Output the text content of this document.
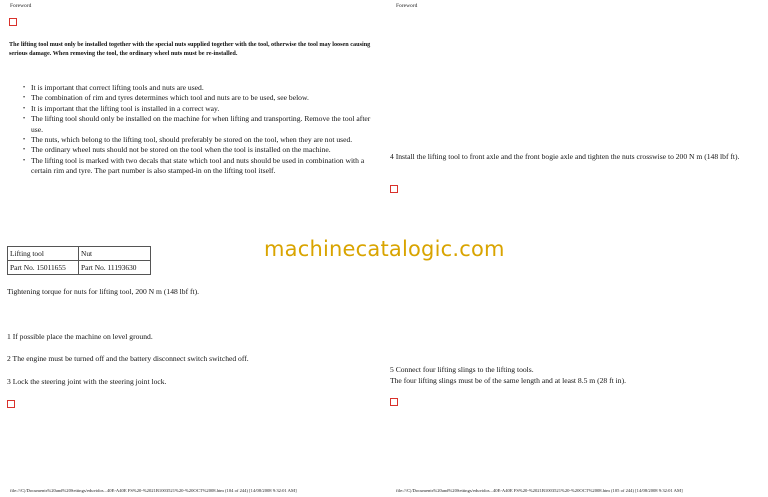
Foreword
The lifting tool must only be installed together with the special nuts supplied together with the tool, otherwise the tool may loosen causing serious damage. When removing the tool, the ordinary wheel nuts must be re-installed.
• It is important that correct lifting tools and nuts are used.
• The combination of rim and tyres determines which tool and nuts are to be used, see below.
• It is important that the lifting tool is installed in a correct way.
• The lifting tool should only be installed on the machine for when lifting and transporting. Remove the tool after use.
• The nuts, which belong to the lifting tool, should preferably be stored on the tool, when they are not used.
• The ordinary wheel nuts should not be stored on the tool when the tool is installed on the machine.
• The lifting tool is marked with two decals that state which tool and nuts should be used in combination with a certain rim and tyre. The part number is also stamped-in on the lifting tool itself.
Lifting tool	Nut
Part No. 15011655	Part No. 11193630
Tightening torque for nuts for lifting tool, 200 N m (148 lbf ft).
1 If possible place the machine on level ground.
2 The engine must be turned off and the battery disconnect switch switched off.
3 Lock the steering joint with the steering joint lock.
file:///C|/Documents%20and%20Settings/eduvidos...40E-A40E FS%20-%2021B1003521%20-%20OCT%2008.htm (104 of 244) [14/08/2008 9:32:01 AM]
machinecatalogic.com
Foreword
4 Install the lifting tool to front axle and the front bogie axle and tighten the nuts crosswise to 200 N m (148 lbf ft).
5 Connect four lifting slings to the lifting tools.
The four lifting slings must be of the same length and at least 8.5 m (28 ft in).
file:///C|/Documents%20and%20Settings/eduvidos...40E-A40E FS%20-%2021B1003521%20-%20OCT%2008.htm (105 of 244) [14/08/2008 9:32:01 AM]
